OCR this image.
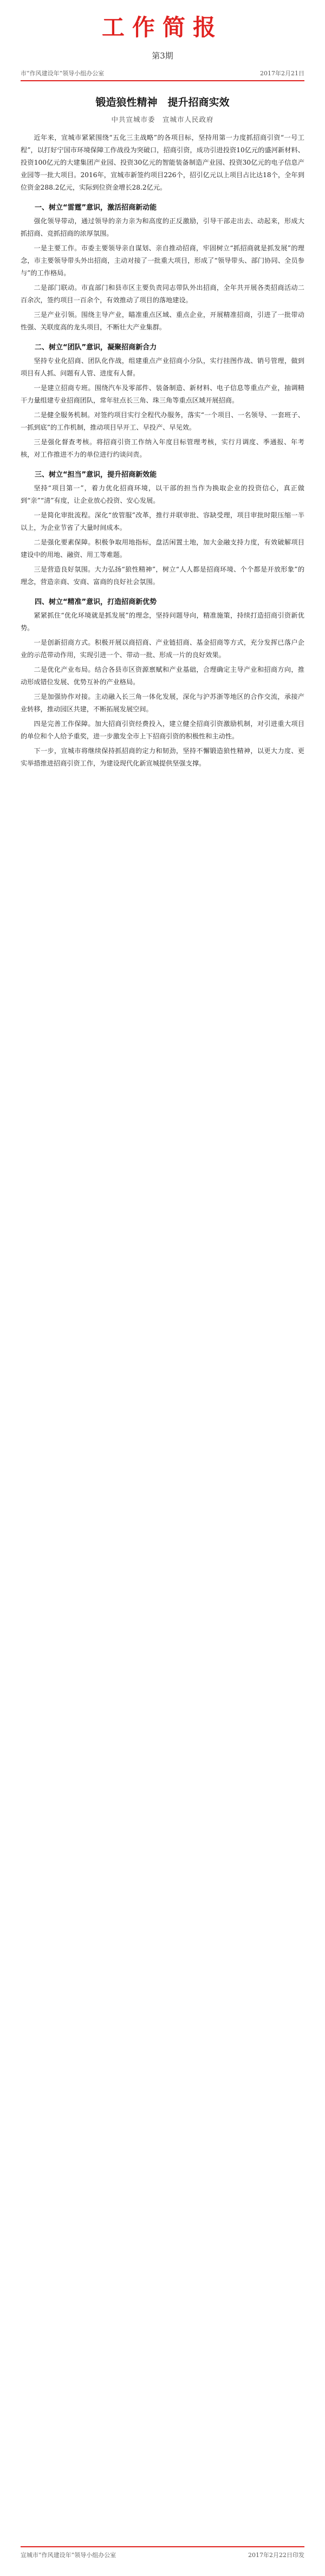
工作简报
第3期
市“作风建设年”领导小组办公室	2017年2月21日
锻造狼性精神　提升招商实效
中共宣城市委　宣城市人民政府

近年来，宣城市紧紧围绕“五化三主战略”的各项目标，坚持用第一力度抓招商引资“一号工程”，以打好宁国市环境保障工作战役为突破口，招商引资，成功引进投资10亿元的盛河新材料、投资100亿元的大建集团产业园、投资30亿元的智能装备制造产业园、投资30亿元的电子信息产业园等一批大项目。2016年，宣城市新签约项目226个，招引亿元以上项目占比达18个，全年到位资金288.2亿元，实际到位资金增长28.2亿元。

一、树立“雷霆”意识，激活招商新动能

强化领导带动，通过领导的亲力亲为和高度的正反激励，引导干部走出去、动起来，形成大抓招商、竞抓招商的浓厚氛围。

一是主要工作。市委主要领导亲自谋划、亲自推动招商，牢固树立“抓招商就是抓发展”的理念，市主要领导带头外出招商，主动对接了一批重大项目，形成了“领导带头、部门协同、全员参与”的工作格局。

二是部门联动。市直部门和县市区主要负责同志带队外出招商，全年共开展各类招商活动二百余次，签约项目一百余个，有效推动了项目的落地建设。

三是产业引领。围绕主导产业，瞄准重点区域、重点企业，开展精准招商，引进了一批带动性强、关联度高的龙头项目，不断壮大产业集群。

二、树立“团队”意识，凝聚招商新合力

坚持专业化招商、团队化作战，组建重点产业招商小分队，实行挂图作战、销号管理，做到项目有人抓、问题有人管、进度有人督。

一是建立招商专班。围绕汽车及零部件、装备制造、新材料、电子信息等重点产业，抽调精干力量组建专业招商团队，常年驻点长三角、珠三角等重点区域开展招商。

二是健全服务机制。对签约项目实行全程代办服务，落实“一个项目、一名领导、一套班子、一抓到底”的工作机制，推动项目早开工、早投产、早见效。

三是强化督查考核。将招商引资工作纳入年度目标管理考核，实行月调度、季通报、年考核，对工作推进不力的单位进行约谈问责。

三、树立“担当”意识，提升招商新效能

坚持“项目第一”，着力优化招商环境，以干部的担当作为换取企业的投资信心，真正做到“亲”“清”有度，让企业放心投资、安心发展。

一是简化审批流程。深化“放管服”改革，推行并联审批、容缺受理，项目审批时限压缩一半以上，为企业节省了大量时间成本。

二是强化要素保障。积极争取用地指标，盘活闲置土地，加大金融支持力度，有效破解项目建设中的用地、融资、用工等难题。

三是营造良好氛围。大力弘扬“狼性精神”，树立“人人都是招商环境、个个都是开放形象”的理念，营造亲商、安商、富商的良好社会氛围。

四、树立“精准”意识，打造招商新优势

紧紧抓住“优化环境就是抓发展”的理念，坚持问题导向，精准施策，持续打造招商引资新优势。

一是创新招商方式。积极开展以商招商、产业链招商、基金招商等方式，充分发挥已落户企业的示范带动作用，实现引进一个、带动一批、形成一片的良好效果。

二是优化产业布局。结合各县市区资源禀赋和产业基础，合理确定主导产业和招商方向，推动形成错位发展、优势互补的产业格局。

三是加强协作对接。主动融入长三角一体化发展，深化与沪苏浙等地区的合作交流，承接产业转移，推动园区共建，不断拓展发展空间。

四是完善工作保障。加大招商引资经费投入，建立健全招商引资激励机制，对引进重大项目的单位和个人给予重奖，进一步激发全市上下招商引资的积极性和主动性。

下一步，宣城市将继续保持抓招商的定力和韧劲，坚持不懈锻造狼性精神，以更大力度、更实举措推进招商引资工作，为建设现代化新宣城提供坚强支撑。

宣城市“作风建设年”领导小组办公室	2017年2月22日印发
